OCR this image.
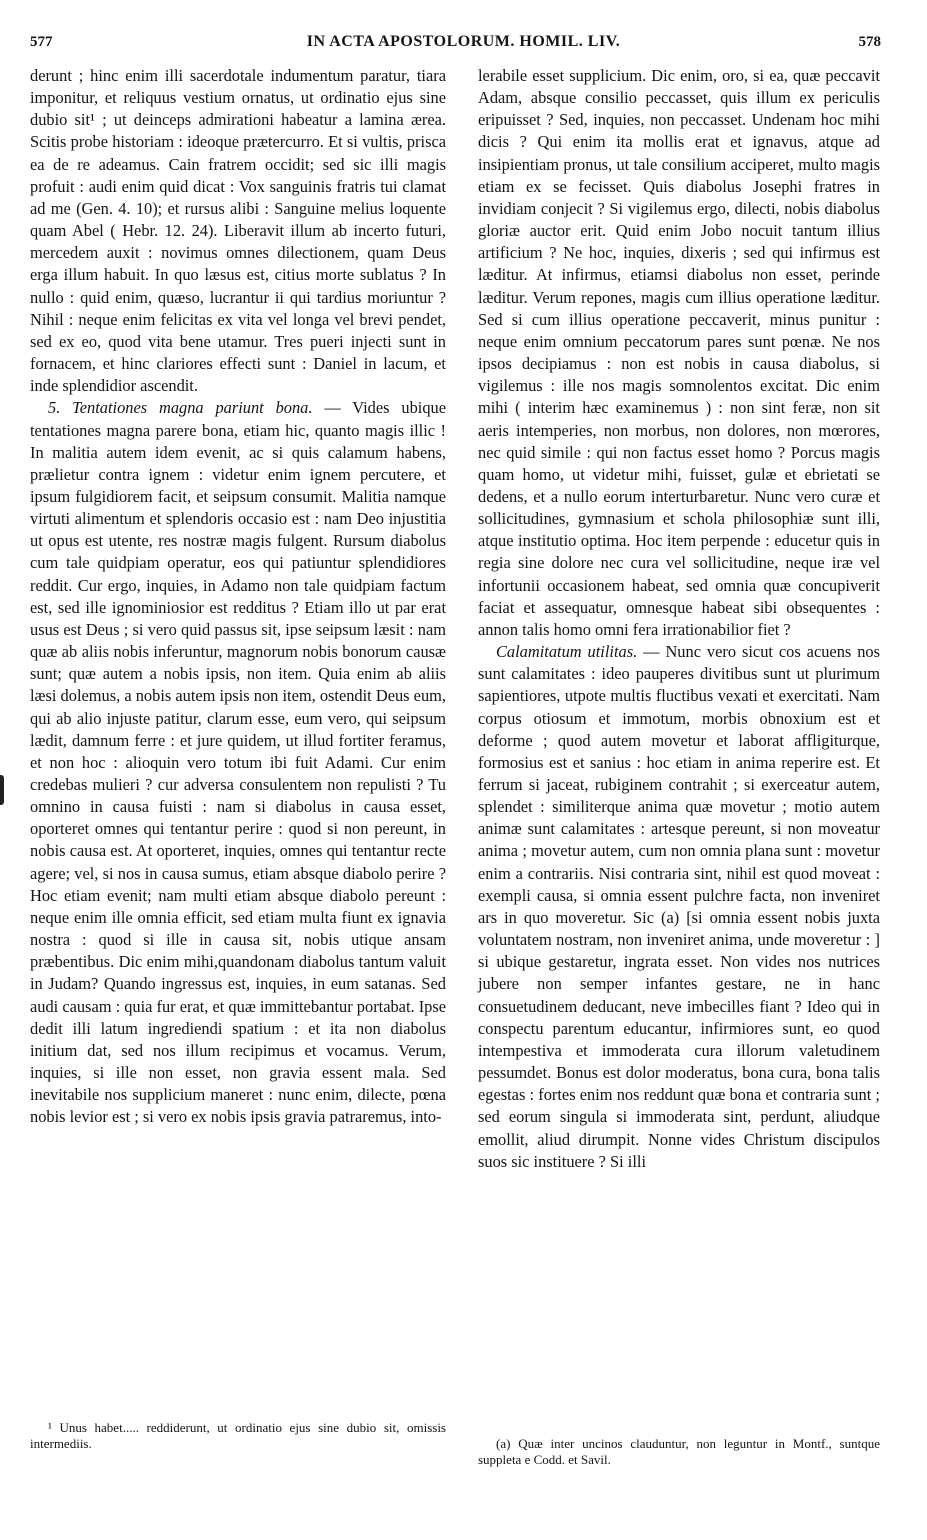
577	IN ACTA APOSTOLORUM. HOMIL. LIV.	578

derunt ; hinc enim illi sacerdotale indumentum paratur, tiara imponitur, et reliquus vestium ornatus, ut ordinatio ejus sine dubio sit¹ ; ut deinceps admirationi habeatur a lamina ærea. Scitis probe historiam : ideoque prætercurro. Et si vultis, prisca ea de re adeamus. Cain fratrem occidit; sed sic illi magis profuit : audi enim quid dicat : Vox sanguinis fratris tui clamat ad me (Gen. 4. 10); et rursus alibi : Sanguine melius loquente quam Abel ( Hebr. 12. 24). Liberavit illum ab incerto futuri, mercedem auxit : novimus omnes dilectionem, quam Deus erga illum habuit. In quo læsus est, citius morte sublatus ? In nullo : quid enim, quæso, lucrantur ii qui tardius moriuntur ? Nihil : neque enim felicitas ex vita vel longa vel brevi pendet, sed ex eo, quod vita bene utamur. Tres pueri injecti sunt in fornacem, et hinc clariores effecti sunt : Daniel in lacum, et inde splendidior ascendit.

5. Tentationes magna pariunt bona. — Vides ubique tentationes magna parere bona, etiam hic, quanto magis illic ! In malitia autem idem evenit, ac si quis calamum habens, prælietur contra ignem : videtur enim ignem percutere, et ipsum fulgidiorem facit, et seipsum consumit. Malitia namque virtuti alimentum et splendoris occasio est : nam Deo injustitia ut opus est utente, res nostræ magis fulgent. Rursum diabolus cum tale quidpiam operatur, eos qui patiuntur splendidiores reddit. Cur ergo, inquies, in Adamo non tale quidpiam factum est, sed ille ignominiosior est redditus ? Etiam illo ut par erat usus est Deus ; si vero quid passus sit, ipse seipsum læsit : nam quæ ab aliis nobis inferuntur, magnorum nobis bonorum causæ sunt; quæ autem a nobis ipsis, non item. Quia enim ab aliis læsi dolemus, a nobis autem ipsis non item, ostendit Deus eum, qui ab alio injuste patitur, clarum esse, eum vero, qui seipsum lædit, damnum ferre : et jure quidem, ut illud fortiter feramus, et non hoc : alioquin vero totum ibi fuit Adami. Cur enim credebas mulieri ? cur adversa consulentem non repulisti ? Tu omnino in causa fuisti : nam si diabolus in causa esset, oporteret omnes qui tentantur perire : quod si non pereunt, in nobis causa est. At oporteret, inquies, omnes qui tentantur recte agere; vel, si nos in causa sumus, etiam absque diabolo perire ? Hoc etiam evenit; nam multi etiam absque diabolo pereunt : neque enim ille omnia efficit, sed etiam multa fiunt ex ignavia nostra : quod si ille in causa sit, nobis utique ansam præbentibus. Dic enim mihi,quandonam diabolus tantum valuit in Judam? Quando ingressus est, inquies, in eum satanas. Sed audi causam : quia fur erat, et quæ immittebantur portabat. Ipse dedit illi latum ingrediendi spatium : et ita non diabolus initium dat, sed nos illum recipimus et vocamus. Verum, inquies, si ille non esset, non gravia essent mala. Sed inevitabile nos supplicium maneret : nunc enim, dilecte, pœna nobis levior est ; si vero ex nobis ipsis gravia patraremus, into-

lerabile esset supplicium. Dic enim, oro, si ea, quæ peccavit Adam, absque consilio peccasset, quis illum ex periculis eripuisset ? Sed, inquies, non peccasset. Undenam hoc mihi dicis ? Qui enim ita mollis erat et ignavus, atque ad insipientiam pronus, ut tale consilium acciperet, multo magis etiam ex se fecisset. Quis diabolus Josephi fratres in invidiam conjecit ? Si vigilemus ergo, dilecti, nobis diabolus gloriæ auctor erit. Quid enim Jobo nocuit tantum illius artificium ? Ne hoc, inquies, dixeris ; sed qui infirmus est læditur. At infirmus, etiamsi diabolus non esset, perinde læditur. Verum repones, magis cum illius operatione læditur. Sed si cum illius operatione peccaverit, minus punitur : neque enim omnium peccatorum pares sunt pœnæ. Ne nos ipsos decipiamus : non est nobis in causa diabolus, si vigilemus : ille nos magis somnolentos excitat. Dic enim mihi ( interim hæc examinemus ) : non sint feræ, non sit aeris intemperies, non morbus, non dolores, non mœrores, nec quid simile : qui non factus esset homo ? Porcus magis quam homo, ut videtur mihi, fuisset, gulæ et ebrietati se dedens, et a nullo eorum interturbaretur. Nunc vero curæ et sollicitudines, gymnasium et schola philosophiæ sunt illi, atque institutio optima. Hoc item perpende : educetur quis in regia sine dolore nec cura vel sollicitudine, neque iræ vel infortunii occasionem habeat, sed omnia quæ concupiverit faciat et assequatur, omnesque habeat sibi obsequentes : annon talis homo omni fera irrationabilior fiet ?

Calamitatum utilitas. — Nunc vero sicut cos acuens nos sunt calamitates : ideo pauperes divitibus sunt ut plurimum sapientiores, utpote multis fluctibus vexati et exercitati. Nam corpus otiosum et immotum, morbis obnoxium est et deforme ; quod autem movetur et laborat affligiturque, formosius est et sanius : hoc etiam in anima reperire est. Et ferrum si jaceat, rubiginem contrahit ; si exerceatur autem, splendet : similiterque anima quæ movetur ; motio autem animæ sunt calamitates : artesque pereunt, si non moveatur anima ; movetur autem, cum non omnia plana sunt : movetur enim a contrariis. Nisi contraria sint, nihil est quod moveat : exempli causa, si omnia essent pulchre facta, non inveniret ars in quo moveretur. Sic (a) [si omnia essent nobis juxta voluntatem nostram, non inveniret anima, unde moveretur : ] si ubique gestaretur, ingrata esset. Non vides nos nutrices jubere non semper infantes gestare, ne in hanc consuetudinem deducant, neve imbecilles fiant ? Ideo qui in conspectu parentum educantur, infirmiores sunt, eo quod intempestiva et immoderata cura illorum valetudinem pessumdet. Bonus est dolor moderatus, bona cura, bona talis egestas : fortes enim nos reddunt quæ bona et contraria sunt ; sed eorum singula si immoderata sint, perdunt, aliudque emollit, aliud dirumpit. Nonne vides Christum discipulos suos sic instituere ? Si illi

¹ Unus habet..... reddiderunt, ut ordinatio ejus sine dubio sit, omissis intermediis.	(a) Quæ inter uncinos clauduntur, non leguntur in Montf., suntque suppleta e Codd. et Savil.
